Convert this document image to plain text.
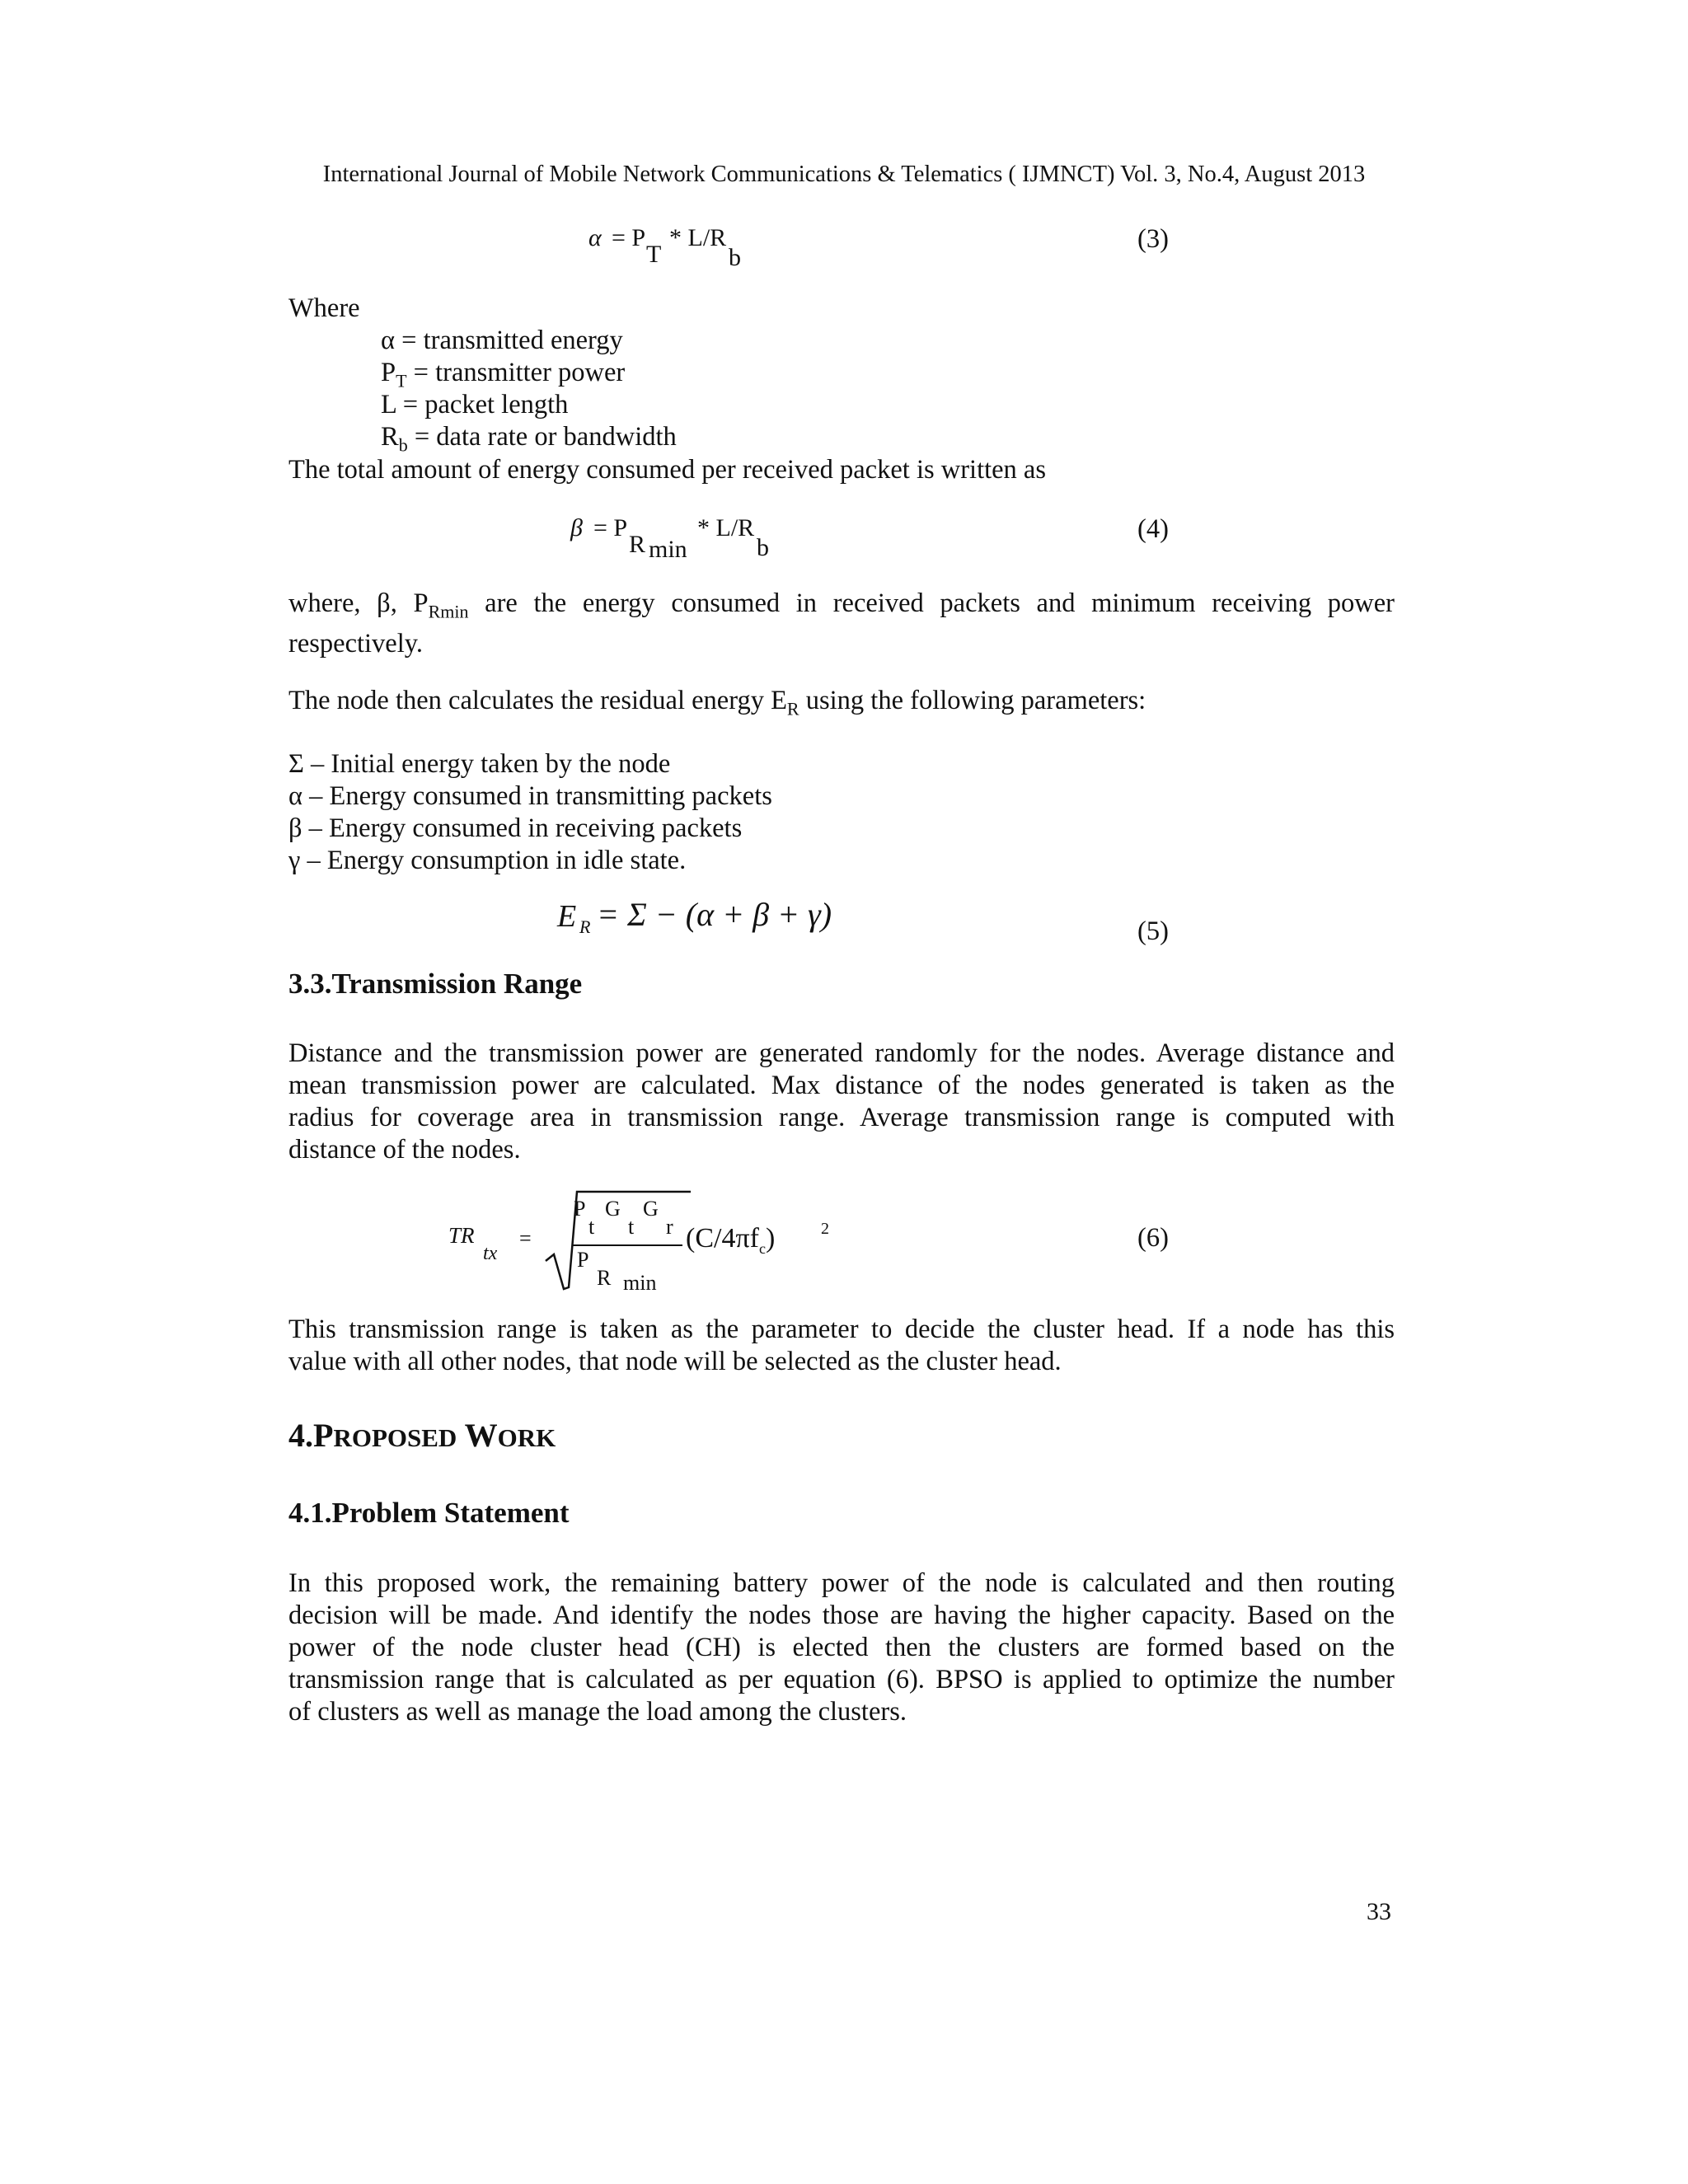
International Journal of Mobile Network Communications & Telematics ( IJMNCT) Vol. 3, No.4, August 2013
α = P
T
* L/R
b
(3)
Where
α = transmitted energy
$P_T$ = transmitter power
L = packet length
$R_b$ = data rate or bandwidth
The total amount of energy consumed per received packet is written as
β = P
R min
* L/R
b
(4)
where, β, $P_{Rmin}$ are the energy consumed in received packets and minimum receiving power
respectively.
The node then calculates the residual energy $E_R$ using the following parameters:
Σ – Initial energy taken by the node
α – Energy consumed in transmitting packets
β – Energy consumed in receiving packets
γ – Energy consumption in idle state.
E R = Σ − (α + β + γ)	(5)
3.3.Transmission Range
Distance and the transmission power are generated randomly for the nodes. Average distance and
mean transmission power are calculated. Max distance of the nodes generated is taken as the
radius for coverage area in transmission range. Average transmission range is computed with
distance of the nodes.
TR
tx
=
P
t
G
t
G
r
P
R min
$(C/4\pi f_c)$	2	(6)
This transmission range is taken as the parameter to decide the cluster head. If a node has this
value with all other nodes, that node will be selected as the cluster head.
4.PROPOSED WORK
4.1.Problem Statement
In this proposed work, the remaining battery power of the node is calculated and then routing
decision will be made. And identify the nodes those are having the higher capacity. Based on the
power of the node cluster head (CH) is elected then the clusters are formed based on the
transmission range that is calculated as per equation (6). BPSO is applied to optimize the number
of clusters as well as manage the load among the clusters.
33
